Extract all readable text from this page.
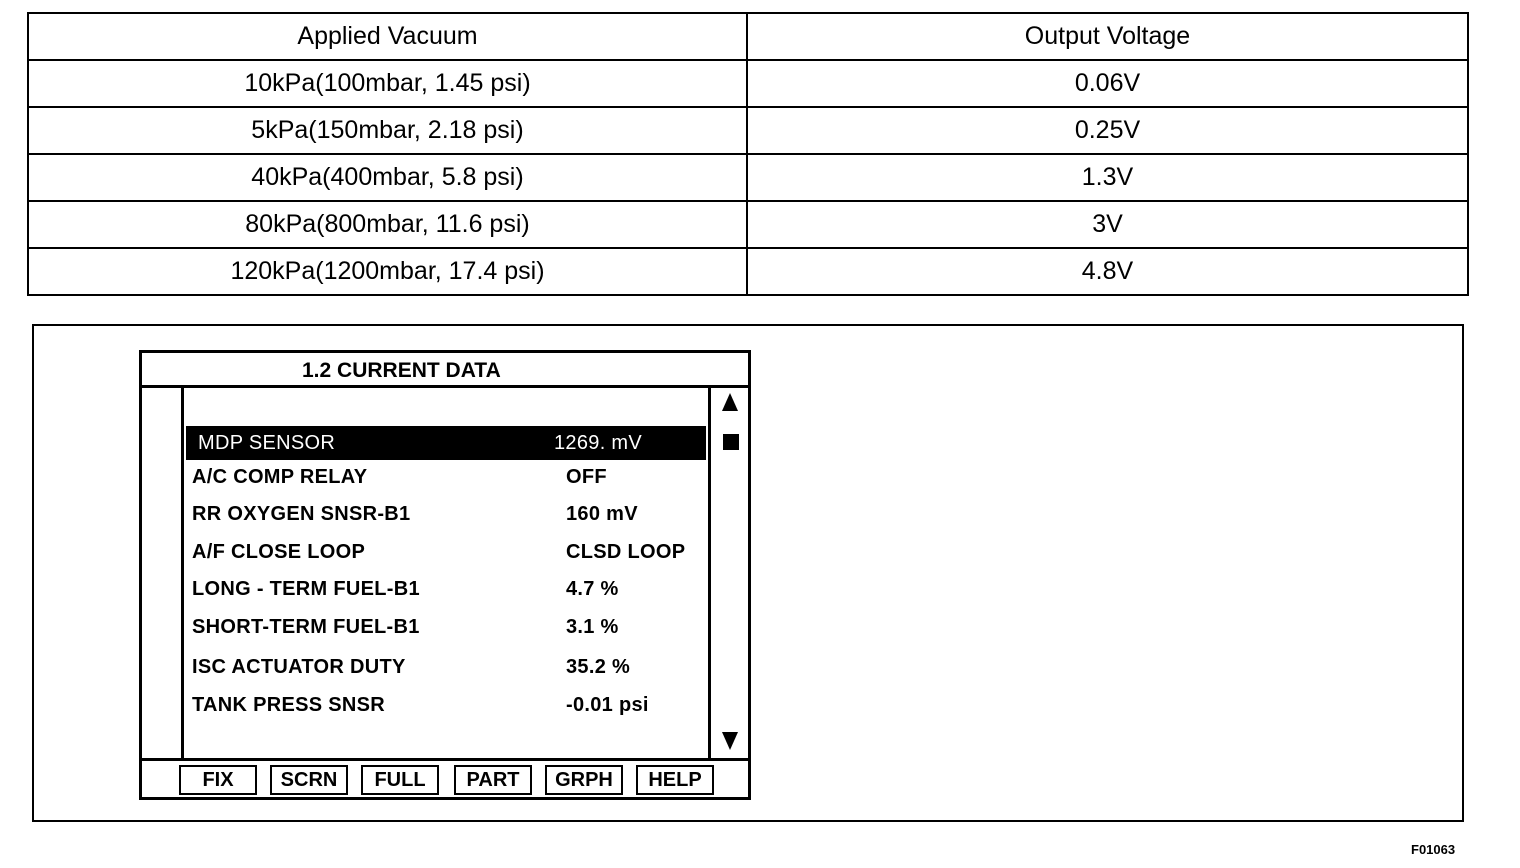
Applied Vacuum	Output Voltage
10kPa(100mbar, 1.45 psi)	0.06V
5kPa(150mbar, 2.18 psi)	0.25V
40kPa(400mbar, 5.8 psi)	1.3V
80kPa(800mbar, 11.6 psi)	3V
120kPa(1200mbar, 17.4 psi)	4.8V
1.2 CURRENT DATA
MDP SENSOR	1269. mV
A/C COMP RELAY	OFF
RR OXYGEN SNSR-B1	160 mV
A/F CLOSE LOOP	CLSD LOOP
LONG - TERM FUEL-B1	4.7 %
SHORT-TERM FUEL-B1	3.1 %
ISC ACTUATOR DUTY	35.2 %
TANK PRESS SNSR	-0.01 psi
FIX	SCRN	FULL	PART	GRPH	HELP
F01063
